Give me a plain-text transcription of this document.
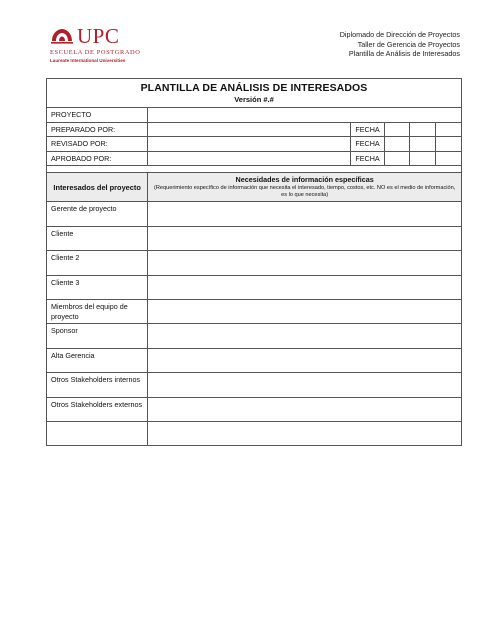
UPC
ESCUELA DE POSTGRADO
Laureate International Universities
Diplomado de Dirección de Proyectos
Taller de Gerencia de Proyectos
Plantilla de Análisis de Interesados
PLANTILLA DE ANÁLISIS DE INTERESADOS
Versión #.#					

PROYECTO					
PREPARADO POR:		FECHA			
REVISADO POR:		FECHA			
APROBADO POR:		FECHA			

Interesados del proyecto	Necesidades de información específicas
(Requerimiento específico de información que necesita el interesado, tiempo, costos, etc. NO es el medio de información, es lo que necesita)				

Gerente de proyecto					
Cliente					
Cliente 2					
Cliente 3					
Miembros del equipo de proyecto					
Sponsor					
Alta Gerencia					
Otros Stakeholders internos					
Otros Stakeholders externos					
